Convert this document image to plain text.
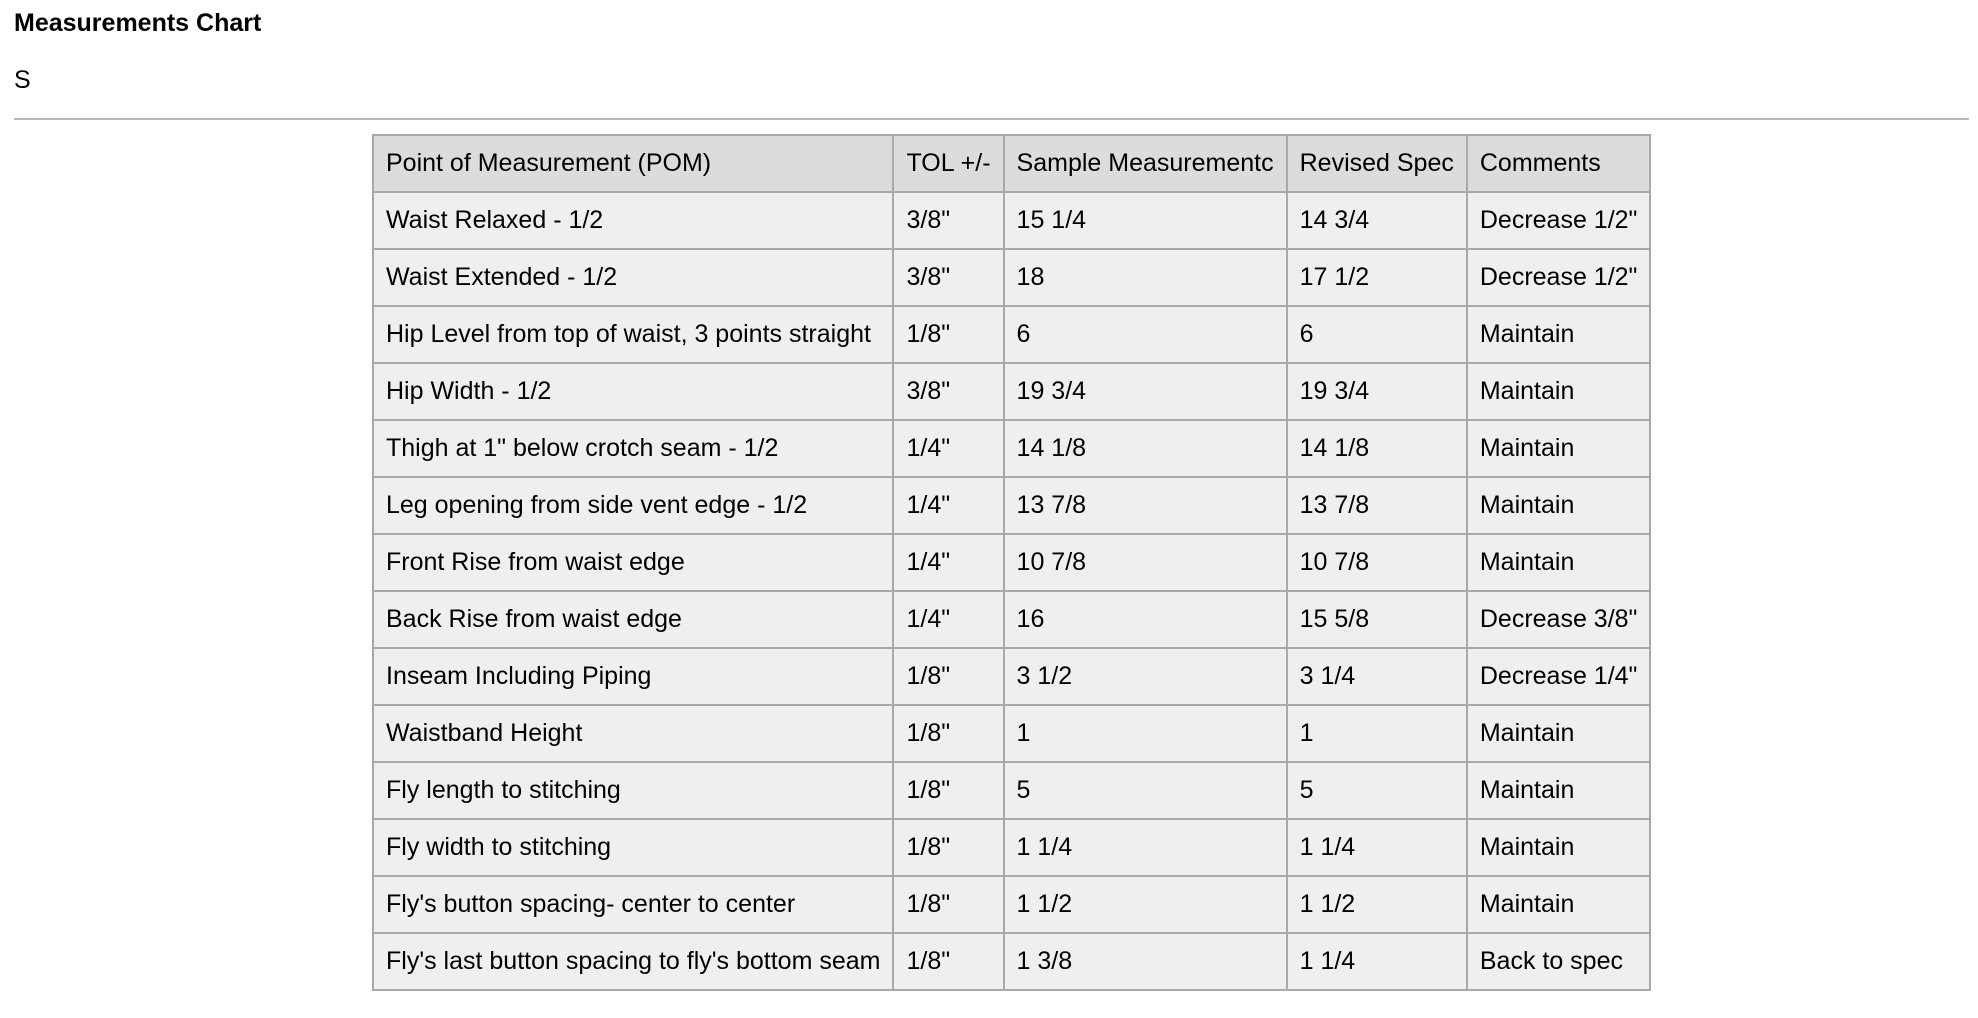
Measurements Chart
S
Point of Measurement (POM)	TOL +/-	Sample Measurementc	Revised Spec	Comments
Waist Relaxed - 1/2	3/8"	15 1/4	14 3/4	Decrease 1/2"
Waist Extended - 1/2	3/8"	18	17 1/2	Decrease 1/2"
Hip Level from top of waist, 3 points straight	1/8"	6	6	Maintain
Hip Width - 1/2	3/8"	19 3/4	19 3/4	Maintain
Thigh at 1" below crotch seam - 1/2	1/4"	14 1/8	14 1/8	Maintain
Leg opening from side vent edge - 1/2	1/4"	13 7/8	13 7/8	Maintain
Front Rise from waist edge	1/4"	10 7/8	10 7/8	Maintain
Back Rise from waist edge	1/4"	16	15 5/8	Decrease 3/8"
Inseam Including Piping	1/8"	3 1/2	3 1/4	Decrease 1/4"
Waistband Height	1/8"	1	1	Maintain
Fly length to stitching	1/8"	5	5	Maintain
Fly width to stitching	1/8"	1 1/4	1 1/4	Maintain
Fly's button spacing- center to center	1/8"	1 1/2	1 1/2	Maintain
Fly's last button spacing to fly's bottom seam	1/8"	1 3/8	1 1/4	Back to spec
